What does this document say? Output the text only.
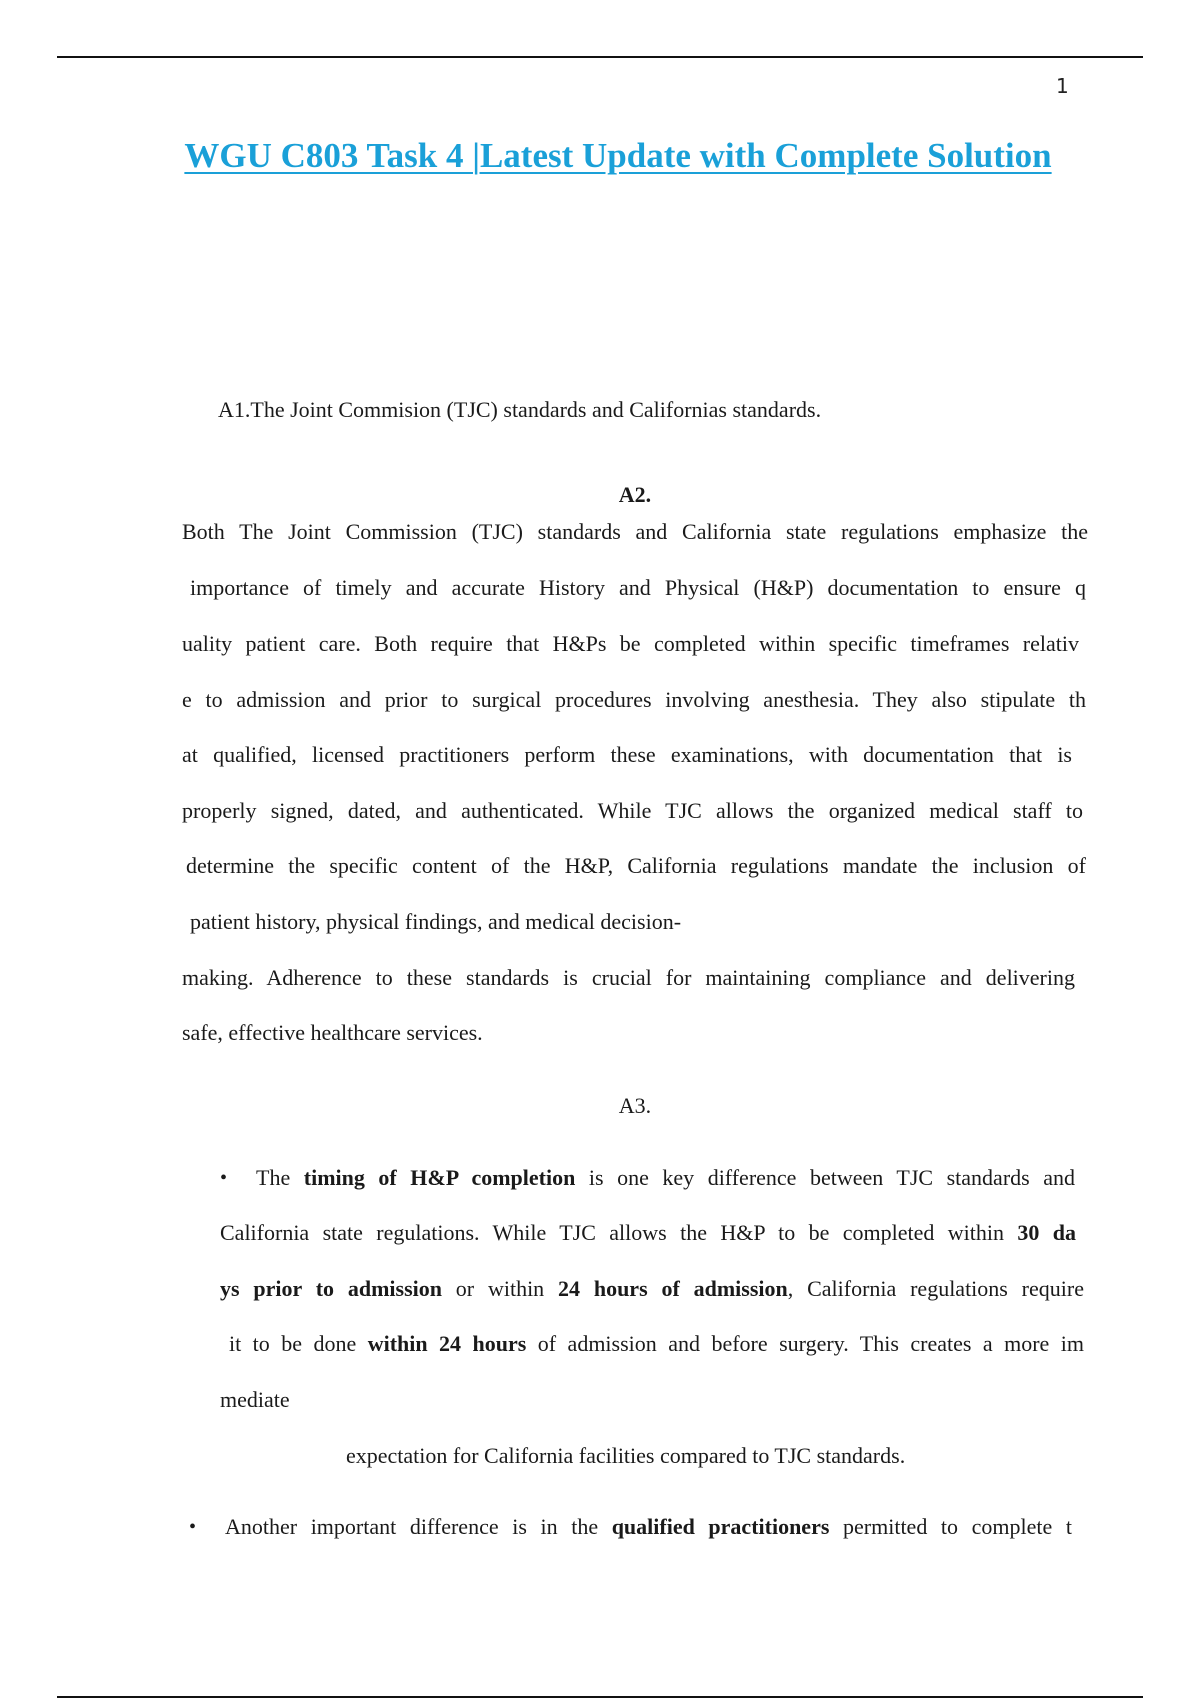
1
WGU C803 Task 4 |Latest Update with Complete Solution
A1.The Joint Commision (TJC) standards and Californias standards.
A2.
Both The Joint Commission (TJC) standards and California state regulations emphasize the
importance of timely and accurate History and Physical (H&P) documentation to ensure q
uality patient care. Both require that H&Ps be completed within specific timeframes relativ
e to admission and prior to surgical procedures involving anesthesia. They also stipulate th
at qualified, licensed practitioners perform these examinations, with documentation that is
properly signed, dated, and authenticated. While TJC allows the organized medical staff to
determine the specific content of the H&P, California regulations mandate the inclusion of
patient history, physical findings, and medical decision-
making. Adherence to these standards is crucial for maintaining compliance and delivering
safe, effective healthcare services.
A3.
• The timing of H&P completion is one key difference between TJC standards and
California state regulations. While TJC allows the H&P to be completed within 30 da
ys prior to admission or within 24 hours of admission, California regulations require
it to be done within 24 hours of admission and before surgery. This creates a more im
mediate
expectation for California facilities compared to TJC standards.
• Another important difference is in the qualified practitioners permitted to complete t
